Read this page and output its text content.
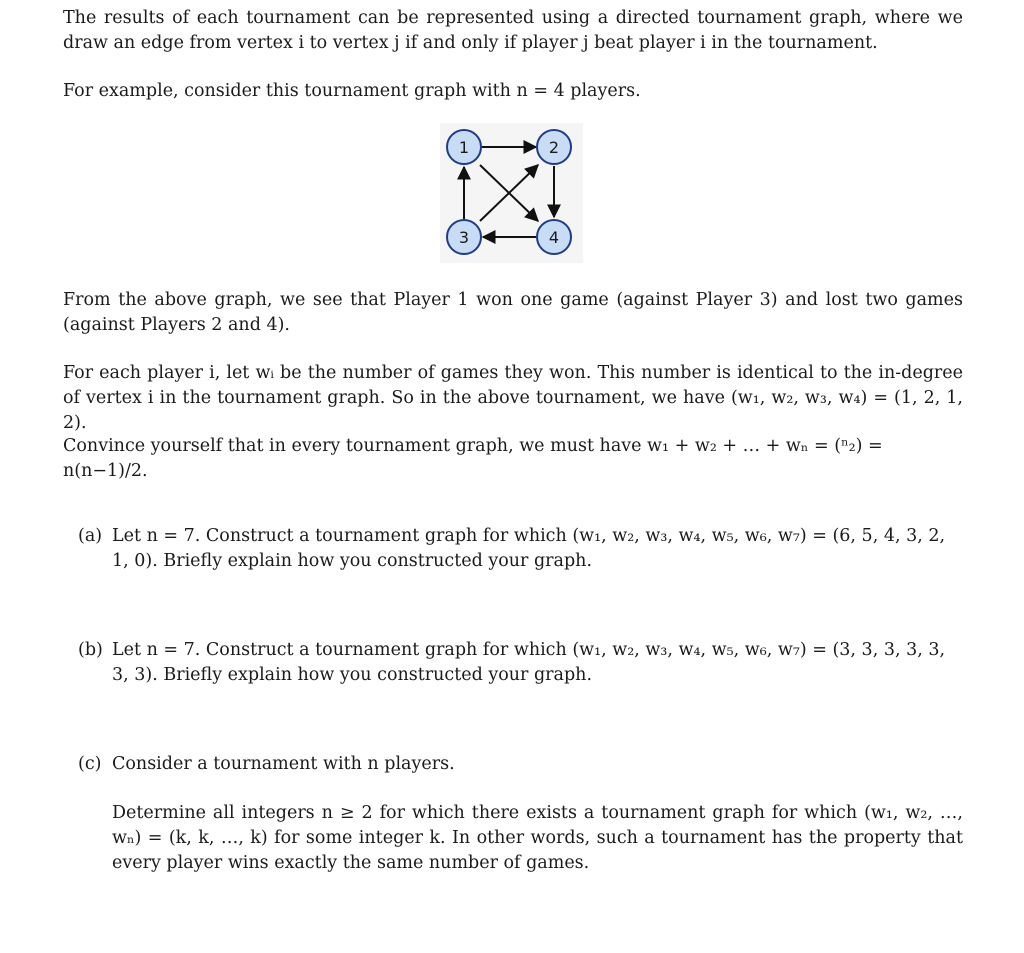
The results of each tournament can be represented using a directed tournament graph, where we draw an edge from vertex i to vertex j if and only if player j beat player i in the tournament.

For example, consider this tournament graph with n = 4 players.

1	2
3	4

From the above graph, we see that Player 1 won one game (against Player 3) and lost two games (against Players 2 and 4).

For each player i, let wᵢ be the number of games they won. This number is identical to the in-degree of vertex i in the tournament graph. So in the above tournament, we have (w₁, w₂, w₃, w₄) = (1, 2, 1, 2).

Convince yourself that in every tournament graph, we must have w₁ + w₂ + … + wₙ = (ⁿ₂) = n(n−1)/2.

(a) Let n = 7. Construct a tournament graph for which (w₁, w₂, w₃, w₄, w₅, w₆, w₇) = (6, 5, 4, 3, 2, 1, 0). Briefly explain how you constructed your graph.

(b) Let n = 7. Construct a tournament graph for which (w₁, w₂, w₃, w₄, w₅, w₆, w₇) = (3, 3, 3, 3, 3, 3, 3). Briefly explain how you constructed your graph.

(c) Consider a tournament with n players.

Determine all integers n ≥ 2 for which there exists a tournament graph for which (w₁, w₂, …, wₙ) = (k, k, …, k) for some integer k. In other words, such a tournament has the property that every player wins exactly the same number of games.
